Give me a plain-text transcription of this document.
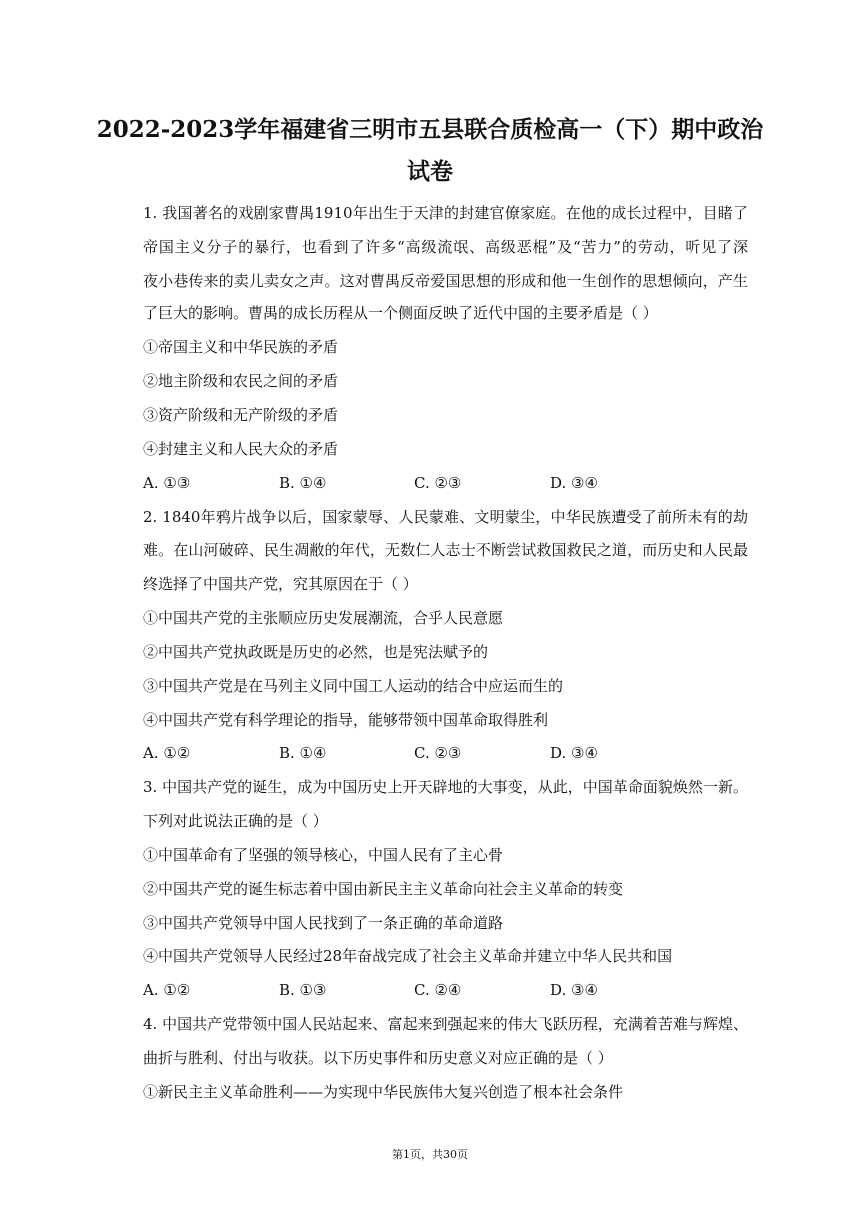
2022-2023学年福建省三明市五县联合质检高一（下）期中政治
试卷
1. 我国著名的戏剧家曹禺1910年出生于天津的封建官僚家庭。在他的成长过程中，目睹了
帝国主义分子的暴行，也看到了许多“高级流氓、高级恶棍”及“苦力”的劳动，听见了深
夜小巷传来的卖儿卖女之声。这对曹禺反帝爱国思想的形成和他一生创作的思想倾向，产生
了巨大的影响。曹禺的成长历程从一个侧面反映了近代中国的主要矛盾是（ ）
①帝国主义和中华民族的矛盾
②地主阶级和农民之间的矛盾
③资产阶级和无产阶级的矛盾
④封建主义和人民大众的矛盾
A. ①③	B. ①④	C. ②③	D. ③④
2. 1840年鸦片战争以后，国家蒙辱、人民蒙难、文明蒙尘，中华民族遭受了前所未有的劫
难。在山河破碎、民生凋敝的年代，无数仁人志士不断尝试救国救民之道，而历史和人民最
终选择了中国共产党，究其原因在于（ ）
①中国共产党的主张顺应历史发展潮流，合乎人民意愿
②中国共产党执政既是历史的必然，也是宪法赋予的
③中国共产党是在马列主义同中国工人运动的结合中应运而生的
④中国共产党有科学理论的指导，能够带领中国革命取得胜利
A. ①②	B. ①④	C. ②③	D. ③④
3. 中国共产党的诞生，成为中国历史上开天辟地的大事变，从此，中国革命面貌焕然一新。
下列对此说法正确的是（ ）
①中国革命有了坚强的领导核心，中国人民有了主心骨
②中国共产党的诞生标志着中国由新民主主义革命向社会主义革命的转变
③中国共产党领导中国人民找到了一条正确的革命道路
④中国共产党领导人民经过28年奋战完成了社会主义革命并建立中华人民共和国
A. ①②	B. ①③	C. ②④	D. ③④
4. 中国共产党带领中国人民站起来、富起来到强起来的伟大飞跃历程，充满着苦难与辉煌、
曲折与胜利、付出与收获。以下历史事件和历史意义对应正确的是（ ）
①新民主主义革命胜利——为实现中华民族伟大复兴创造了根本社会条件
第1页，共30页
